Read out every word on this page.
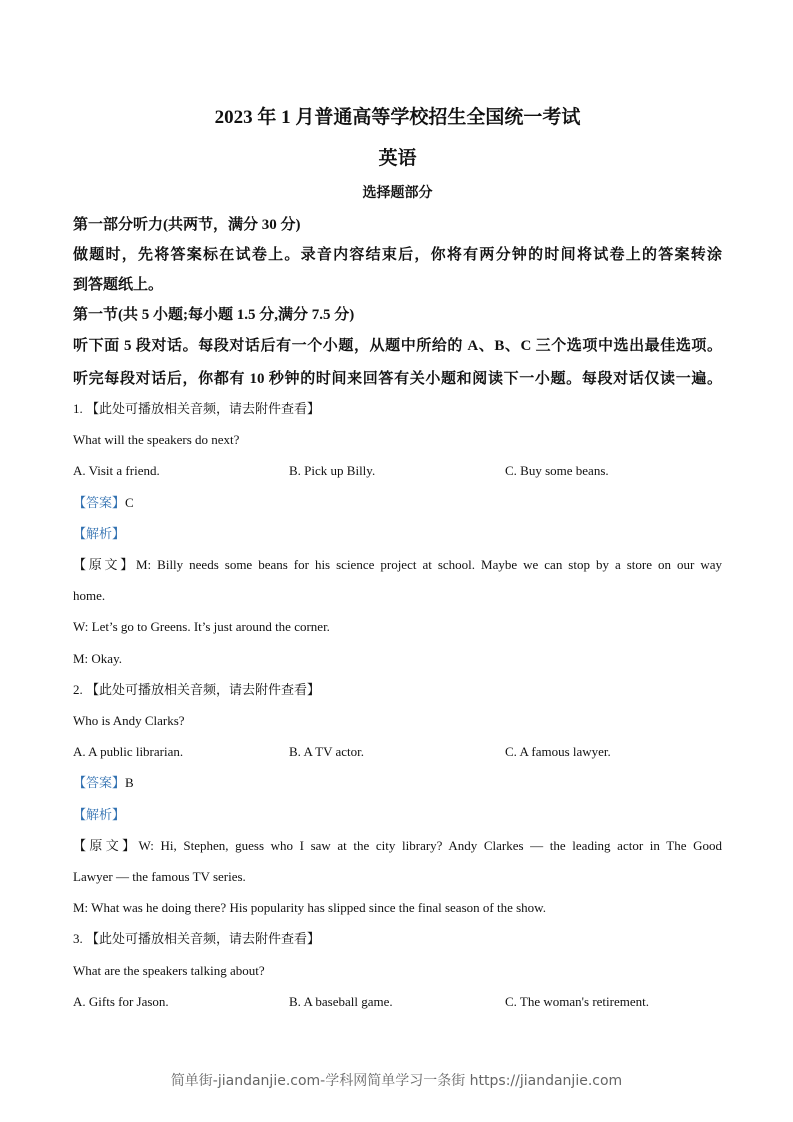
2023 年 1 月普通高等学校招生全国统一考试
英语
选择题部分
第一部分听力(共两节，满分 30 分)
做题时，先将答案标在试卷上。录音内容结束后，你将有两分钟的时间将试卷上的答案转涂
到答题纸上。
第一节(共 5 小题;每小题 1.5 分,满分 7.5 分)
听下面 5 段对话。每段对话后有一个小题，从题中所给的 A、B、C 三个选项中选出最佳选项。
听完每段对话后，你都有 10 秒钟的时间来回答有关小题和阅读下一小题。每段对话仅读一遍。
1. 【此处可播放相关音频，请去附件查看】
What will the speakers do next?
A. Visit a friend.	B. Pick up Billy.	C. Buy some beans.
【答案】C
【解析】
【原文】M: Billy needs some beans for his science project at school. Maybe we can stop by a store on our way
home.
W: Let’s go to Greens. It’s just around the corner.
M: Okay.
2. 【此处可播放相关音频，请去附件查看】
Who is Andy Clarks?
A. A public librarian.	B. A TV actor.	C. A famous lawyer.
【答案】B
【解析】
【原文】W: Hi, Stephen, guess who I saw at the city library? Andy Clarkes — the leading actor in The Good
Lawyer — the famous TV series.
M: What was he doing there? His popularity has slipped since the final season of the show.
3. 【此处可播放相关音频，请去附件查看】
What are the speakers talking about?
A. Gifts for Jason.	B. A baseball game.	C. The woman's retirement.
简单街-jiandanjie.com-学科网简单学习一条街 https://jiandanjie.com
